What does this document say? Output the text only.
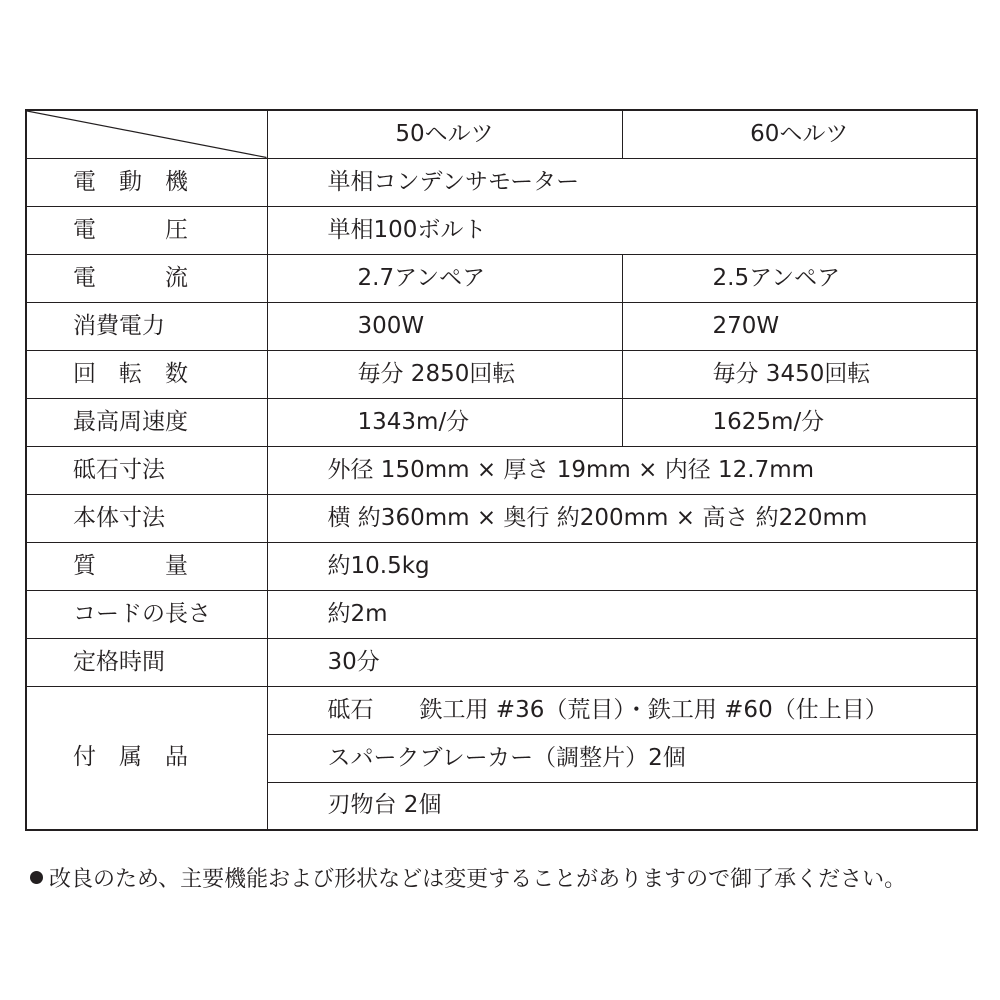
	50ヘルツ	60ヘルツ
電　動　機	単相コンデンサモーター	
電　　　圧	単相100ボルト	
電　　　流	2.7アンペア	2.5アンペア
消費電力	300W	270W
回　転　数	毎分 2850回転	毎分 3450回転
最高周速度	1343m/分	1625m/分
砥石寸法	外径 150mm × 厚さ 19mm × 内径 12.7mm	
本体寸法	横 約360mm × 奥行 約200mm × 高さ 約220mm	
質　　　量	約10.5kg	
コードの長さ	約2m	
定格時間	30分	
付　属　品	砥石　　鉄工用 #36（荒目）・鉄工用 #60（仕上目）	
	スパークブレーカー（調整片）2個	
	刃物台 2個	
改良のため、主要機能および形状などは変更することがありますので御了承ください。
